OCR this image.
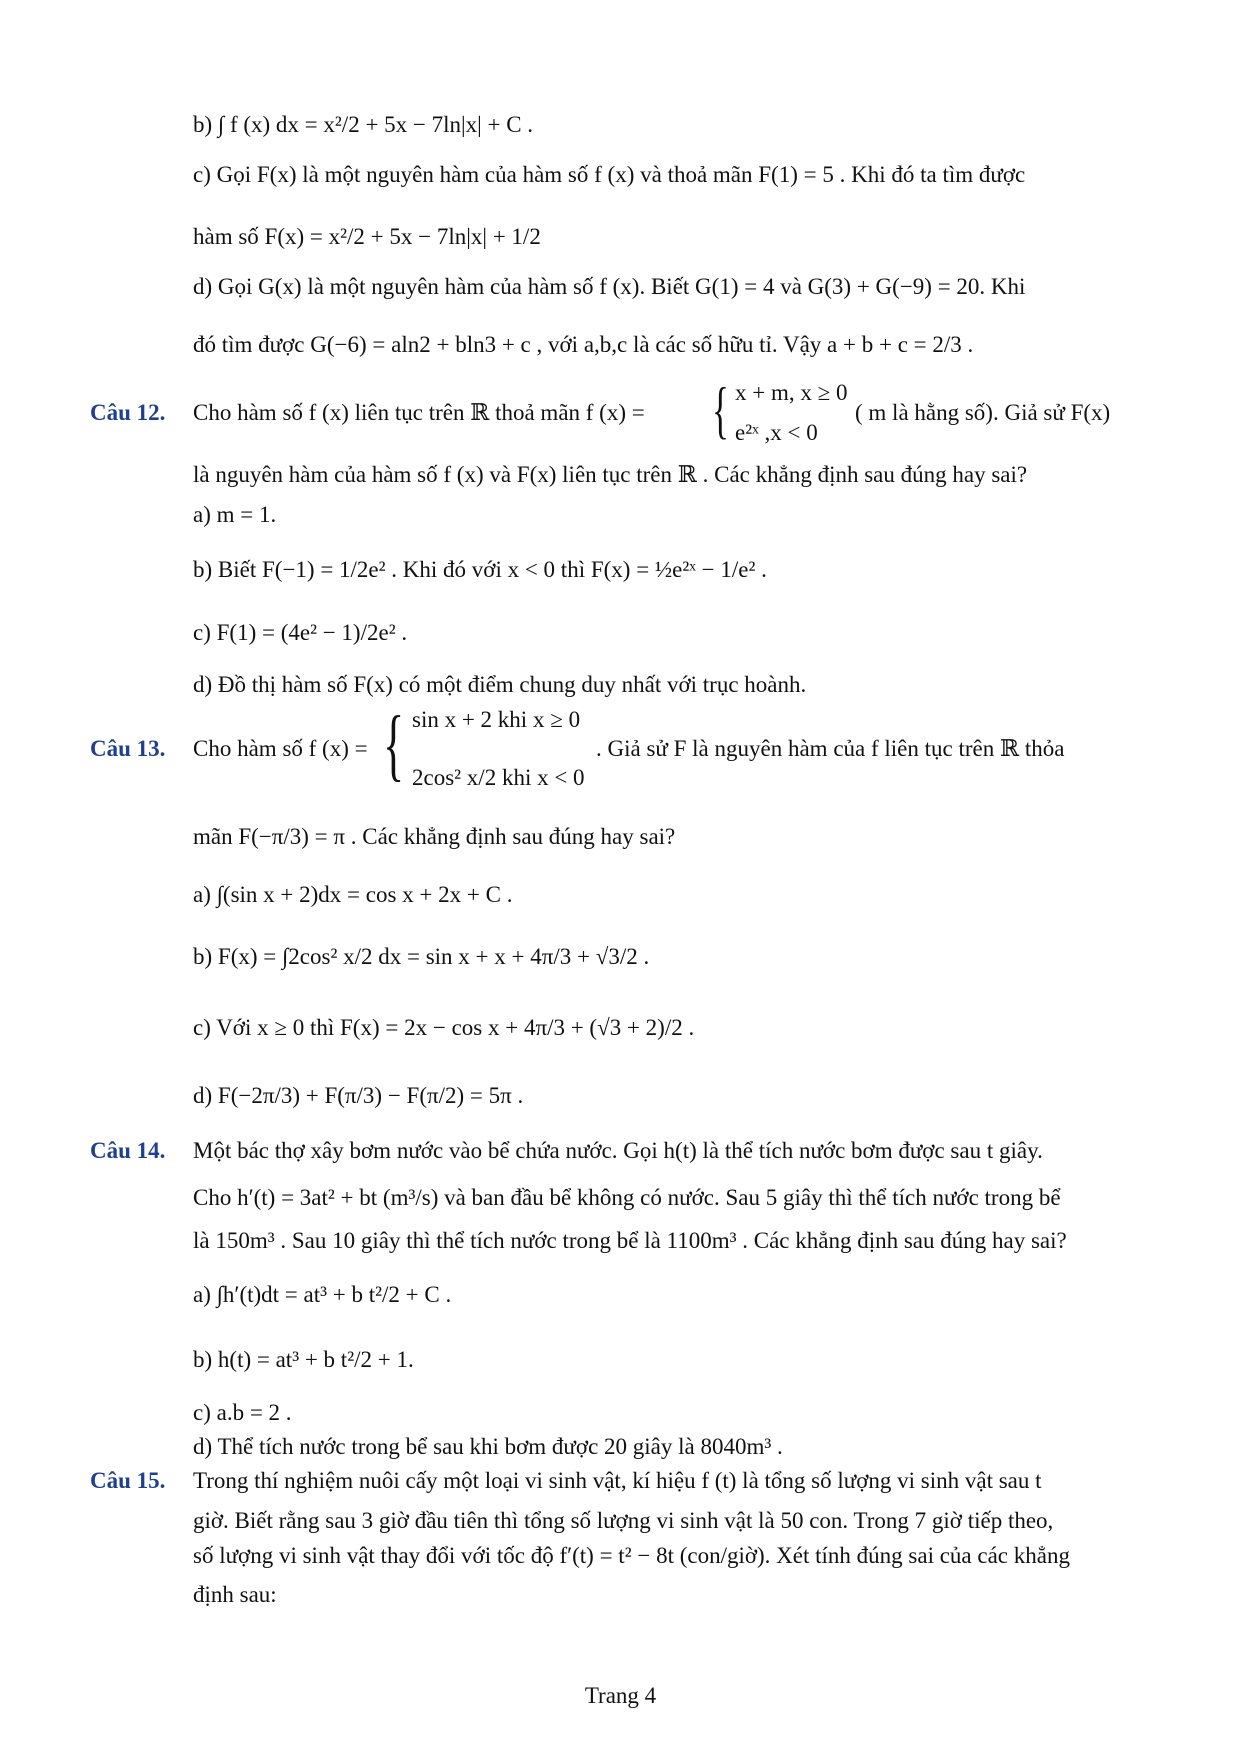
b) ∫ f (x) dx = x²/2 + 5x − 7ln|x| + C .
c) Gọi F(x) là một nguyên hàm của hàm số f (x) và thoả mãn F(1) = 5 . Khi đó ta tìm được
hàm số F(x) = x²/2 + 5x − 7ln|x| + 1/2
d) Gọi G(x) là một nguyên hàm của hàm số f (x). Biết G(1) = 4 và G(3) + G(−9) = 20. Khi
đó tìm được G(−6) = aln2 + bln3 + c , với a,b,c là các số hữu tỉ. Vậy a + b + c = 2/3 .
Câu 12. Cho hàm số f (x) liên tục trên ℝ thoả mãn f (x) = { x + m, x ≥ 0
e²ˣ ,x < 0
( m là hằng số). Giả sử F(x)
là nguyên hàm của hàm số f (x) và F(x) liên tục trên ℝ . Các khẳng định sau đúng hay sai?
a) m = 1.
b) Biết F(−1) = 1/2e² . Khi đó với x < 0 thì F(x) = ½e²ˣ − 1/e² .
c) F(1) = (4e² − 1)/2e² .
d) Đồ thị hàm số F(x) có một điểm chung duy nhất với trục hoành.
Câu 13. Cho hàm số f (x) = { sin x + 2 khi x ≥ 0
2cos² x/2 khi x < 0
. Giả sử F là nguyên hàm của f liên tục trên ℝ thỏa
mãn F(−π/3) = π . Các khẳng định sau đúng hay sai?
a) ∫(sin x + 2)dx = cos x + 2x + C .
b) F(x) = ∫2cos² x/2 dx = sin x + x + 4π/3 + √3/2 .
c) Với x ≥ 0 thì F(x) = 2x − cos x + 4π/3 + (√3 + 2)/2 .
d) F(−2π/3) + F(π/3) − F(π/2) = 5π .
Câu 14. Một bác thợ xây bơm nước vào bể chứa nước. Gọi h(t) là thể tích nước bơm được sau t giây.
Cho h′(t) = 3at² + bt (m³/s) và ban đầu bể không có nước. Sau 5 giây thì thể tích nước trong bể
là 150m³ . Sau 10 giây thì thể tích nước trong bể là 1100m³ . Các khẳng định sau đúng hay sai?
a) ∫h′(t)dt = at³ + b t²/2 + C .
b) h(t) = at³ + b t²/2 + 1.
c) a.b = 2 .
d) Thể tích nước trong bể sau khi bơm được 20 giây là 8040m³ .
Câu 15. Trong thí nghiệm nuôi cấy một loại vi sinh vật, kí hiệu f (t) là tổng số lượng vi sinh vật sau t
giờ. Biết rằng sau 3 giờ đầu tiên thì tổng số lượng vi sinh vật là 50 con. Trong 7 giờ tiếp theo,
số lượng vi sinh vật thay đổi với tốc độ f′(t) = t² − 8t (con/giờ). Xét tính đúng sai của các khẳng
định sau:
Trang 4
